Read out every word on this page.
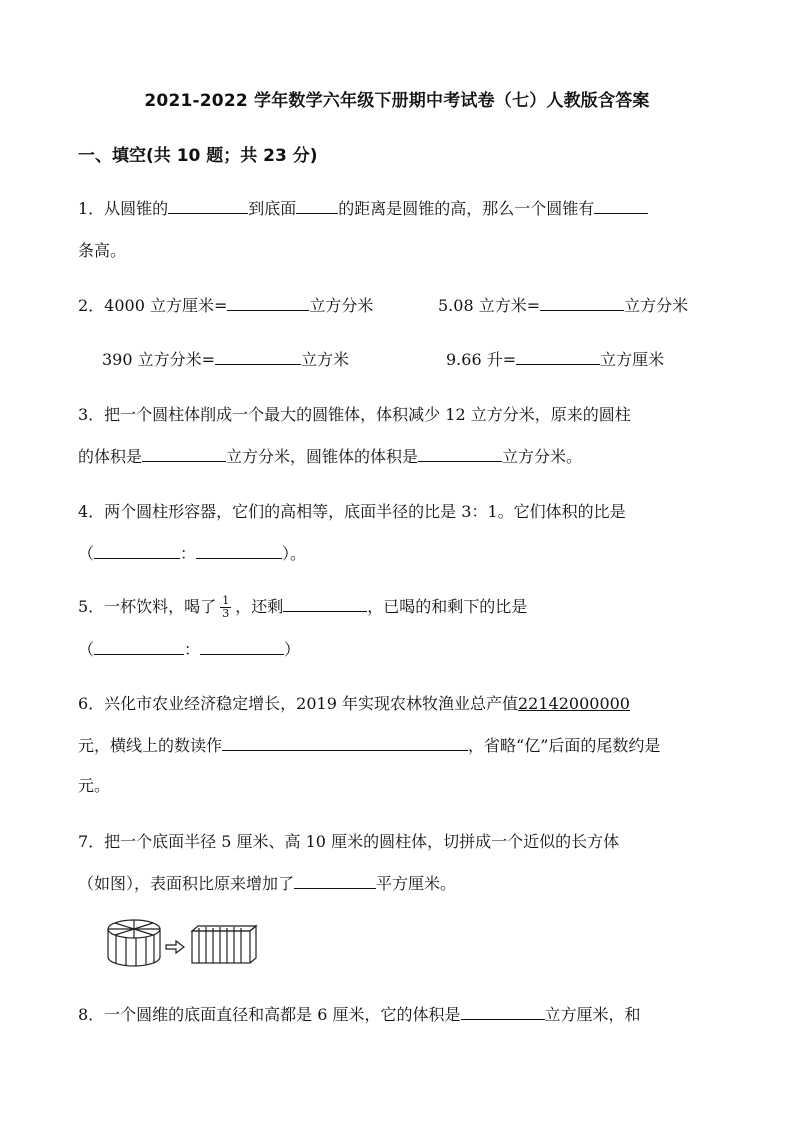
2021-2022 学年数学六年级下册期中考试卷（七）人教版含答案
一、填空(共 10 题；共 23 分)
1．从圆锥的	到底面	的距离是圆锥的高，那么一个圆锥有
条高。
2．4000 立方厘米=	立方分米	5.08 立方米=	立方分米
390 立方分米=	立方米	9.66 升=	立方厘米
3．把一个圆柱体削成一个最大的圆锥体，体积减少 12 立方分米，原来的圆柱
的体积是	立方分米，圆锥体的体积是	立方分米。
4．两个圆柱形容器，它们的高相等，底面半径的比是 3：1。它们体积的比是
（	：	）。
5．一杯饮料，喝了 $\frac{1}{3}$ ，还剩	，已喝的和剩下的比是
（	：	）
6．兴化市农业经济稳定增长，2019 年实现农林牧渔业总产值22142000000
元，横线上的数读作	，省略“亿”后面的尾数约是
元。
7．把一个底面半径 5 厘米、高 10 厘米的圆柱体，切拼成一个近似的长方体
（如图），表面积比原来增加了	平方厘米。
8．一个圆维的底面直径和高都是 6 厘米，它的体积是	立方厘米，和
